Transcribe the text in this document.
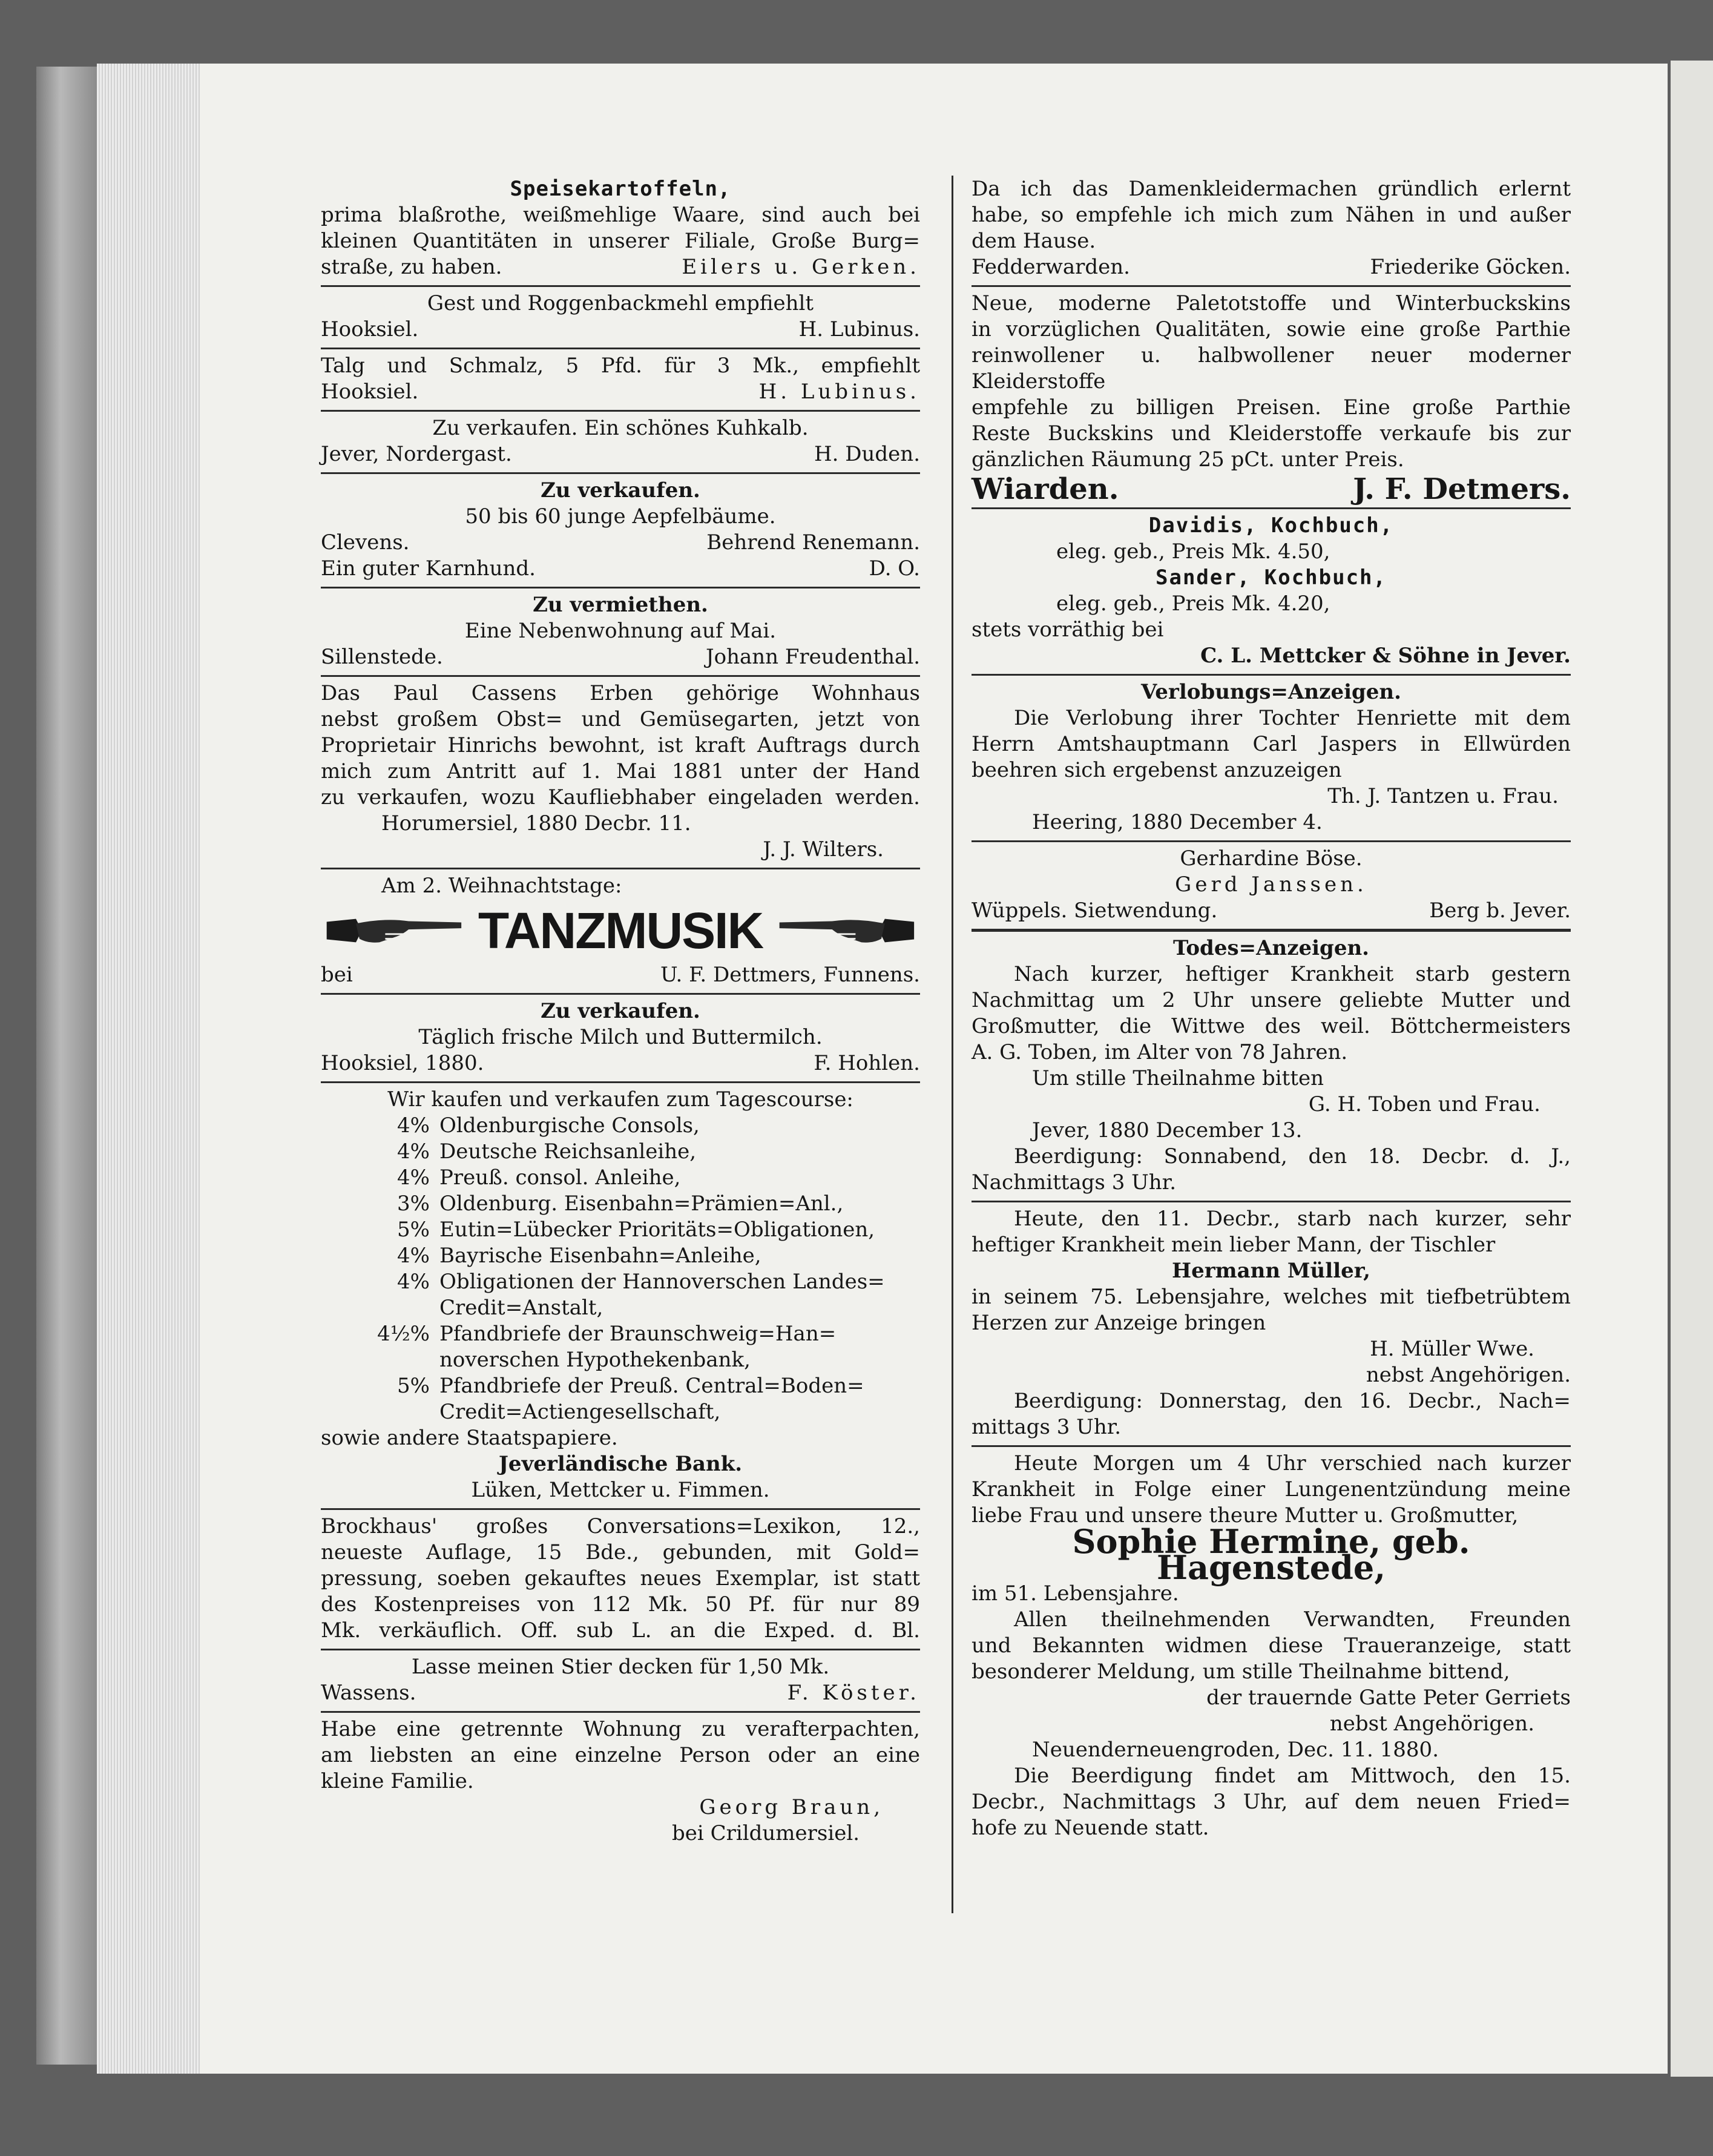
Speisekartoffeln,

prima blaßrothe, weißmehlige Waare, sind auch bei

kleinen Quantitäten in unserer Filiale, Große Burg=

straße, zu haben.	Eilers u. Gerken.

Gest und Roggenbackmehl empfiehlt

Hooksiel.	H. Lubinus.

Talg und Schmalz, 5 Pfd. für 3 Mk., empfiehlt

Hooksiel.	H. Lubinus.

Zu verkaufen. Ein schönes Kuhkalb.

Jever, Nordergast.	H. Duden.

Zu verkaufen.

50 bis 60 junge Aepfelbäume.

Clevens.	Behrend Renemann.
Ein guter Karnhund.	D. O.

Zu vermiethen.

Eine Nebenwohnung auf Mai.

Sillenstede.	Johann Freudenthal.

Das Paul Cassens Erben gehörige Wohnhaus

nebst großem Obst= und Gemüsegarten, jetzt von

Proprietair Hinrichs bewohnt, ist kraft Auftrags durch

mich zum Antritt auf 1. Mai 1881 unter der Hand

zu verkaufen, wozu Kaufliebhaber eingeladen werden.

Horumersiel, 1880 Decbr. 11.

J. J. Wilters.

Am 2. Weihnachtstage:

TANZMUSIK
bei	U. F. Dettmers, Funnens.

Zu verkaufen.

Täglich frische Milch und Buttermilch.

Hooksiel, 1880.	F. Hohlen.

Wir kaufen und verkaufen zum Tagescourse:

4% Oldenburgische Consols,
4% Deutsche Reichsanleihe,
4% Preuß. consol. Anleihe,
3% Oldenburg. Eisenbahn=Prämien=Anl.,
5% Eutin=Lübecker Prioritäts=Obligationen,
4% Bayrische Eisenbahn=Anleihe,
4% Obligationen der Hannoverschen Landes=
Credit=Anstalt,
4½% Pfandbriefe der Braunschweig=Han=
noverschen Hypothekenbank,
5% Pfandbriefe der Preuß. Central=Boden=
Credit=Actiengesellschaft,

sowie andere Staatspapiere.

Jeverländische Bank.

Lüken, Mettcker u. Fimmen.

Brockhaus' großes Conversations=Lexikon, 12.,

neueste Auflage, 15 Bde., gebunden, mit Gold=

pressung, soeben gekauftes neues Exemplar, ist statt

des Kostenpreises von 112 Mk. 50 Pf. für nur 89

Mk. verkäuflich. Off. sub L. an die Exped. d. Bl.

Lasse meinen Stier decken für 1,50 Mk.

Wassens.	F. Köster.

Habe eine getrennte Wohnung zu verafterpachten,

am liebsten an eine einzelne Person oder an eine

kleine Familie.

Georg Braun,

bei Crildumersiel.

Da ich das Damenkleidermachen gründlich erlernt

habe, so empfehle ich mich zum Nähen in und außer

dem Hause.

Fedderwarden.	Friederike Göcken.

Neue, moderne Paletotstoffe und Winterbuckskins

in vorzüglichen Qualitäten, sowie eine große Parthie

reinwollener u. halbwollener neuer moderner Kleiderstoffe

empfehle zu billigen Preisen. Eine große Parthie

Reste Buckskins und Kleiderstoffe verkaufe bis zur

gänzlichen Räumung 25 pCt. unter Preis.

Wiarden.	J. F. Detmers.

Davidis, Kochbuch,

eleg. geb., Preis Mk. 4.50,

Sander, Kochbuch,

eleg. geb., Preis Mk. 4.20,

stets vorräthig bei

C. L. Mettcker & Söhne in Jever.

Verlobungs=Anzeigen.

Die Verlobung ihrer Tochter Henriette mit dem

Herrn Amtshauptmann Carl Jaspers in Ellwürden

beehren sich ergebenst anzuzeigen

Th. J. Tantzen u. Frau.

Heering, 1880 December 4.

Gerhardine Böse.

Gerd Janssen.

Wüppels. Sietwendung.	Berg b. Jever.

Todes=Anzeigen.

Nach kurzer, heftiger Krankheit starb gestern

Nachmittag um 2 Uhr unsere geliebte Mutter und

Großmutter, die Wittwe des weil. Böttchermeisters

A. G. Toben, im Alter von 78 Jahren.

Um stille Theilnahme bitten

G. H. Toben und Frau.

Jever, 1880 December 13.

Beerdigung: Sonnabend, den 18. Decbr. d. J.,

Nachmittags 3 Uhr.

Heute, den 11. Decbr., starb nach kurzer, sehr

heftiger Krankheit mein lieber Mann, der Tischler

Hermann Müller,

in seinem 75. Lebensjahre, welches mit tiefbetrübtem

Herzen zur Anzeige bringen

H. Müller Wwe.

nebst Angehörigen.

Beerdigung: Donnerstag, den 16. Decbr., Nach=

mittags 3 Uhr.

Heute Morgen um 4 Uhr verschied nach kurzer

Krankheit in Folge einer Lungenentzündung meine

liebe Frau und unsere theure Mutter u. Großmutter,

Sophie Hermine, geb. Hagenstede,

im 51. Lebensjahre.

Allen theilnehmenden Verwandten, Freunden

und Bekannten widmen diese Traueranzeige, statt

besonderer Meldung, um stille Theilnahme bittend,

der trauernde Gatte Peter Gerriets

nebst Angehörigen.

Neuenderneuengroden, Dec. 11. 1880.

Die Beerdigung findet am Mittwoch, den 15.

Decbr., Nachmittags 3 Uhr, auf dem neuen Fried=

hofe zu Neuende statt.
